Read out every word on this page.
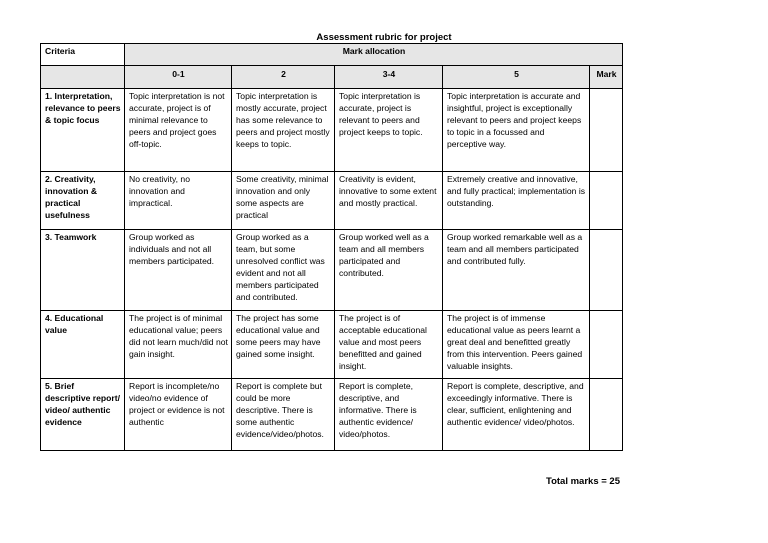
Assessment rubric for project
Criteria	Mark allocation				
	0-1	2	3-4	5	Mark
1. Interpretation, relevance to peers & topic focus	Topic interpretation is not accurate, project is of minimal relevance to peers and project goes off-topic.	Topic interpretation is mostly accurate, project has some relevance to peers and project mostly keeps to topic.	Topic interpretation is accurate, project is relevant to peers and project keeps to topic.	Topic interpretation is accurate and insightful, project is exceptionally relevant to peers and project keeps to topic in a focussed and perceptive way.	
2. Creativity, innovation & practical usefulness	No creativity, no innovation and impractical.	Some creativity, minimal innovation and only some aspects are practical	Creativity is evident, innovative to some extent and mostly practical.	Extremely creative and innovative, and fully practical; implementation is outstanding.	
3. Teamwork	Group worked as individuals and not all members participated.	Group worked as a team, but some unresolved conflict was evident and not all members participated and contributed.	Group worked well as a team and all members participated and contributed.	Group worked remarkable well as a team and all members participated and contributed fully.	
4. Educational value	The project is of minimal educational value; peers did not learn much/did not gain insight.	The project has some educational value and some peers may have gained some insight.	The project is of acceptable educational value and most peers benefitted and gained insight.	The project is of immense educational value as peers learnt a great deal and benefitted greatly from this intervention. Peers gained valuable insights.	
5. Brief descriptive report/ video/ authentic evidence	Report is incomplete/no video/no evidence of project or evidence is not authentic	Report is complete but could be more descriptive. There is some authentic evidence/video/photos.	Report is complete, descriptive, and informative. There is authentic evidence/ video/photos.	Report is complete, descriptive, and exceedingly informative. There is clear, sufficient, enlightening and authentic evidence/ video/photos.	
Total marks = 25
